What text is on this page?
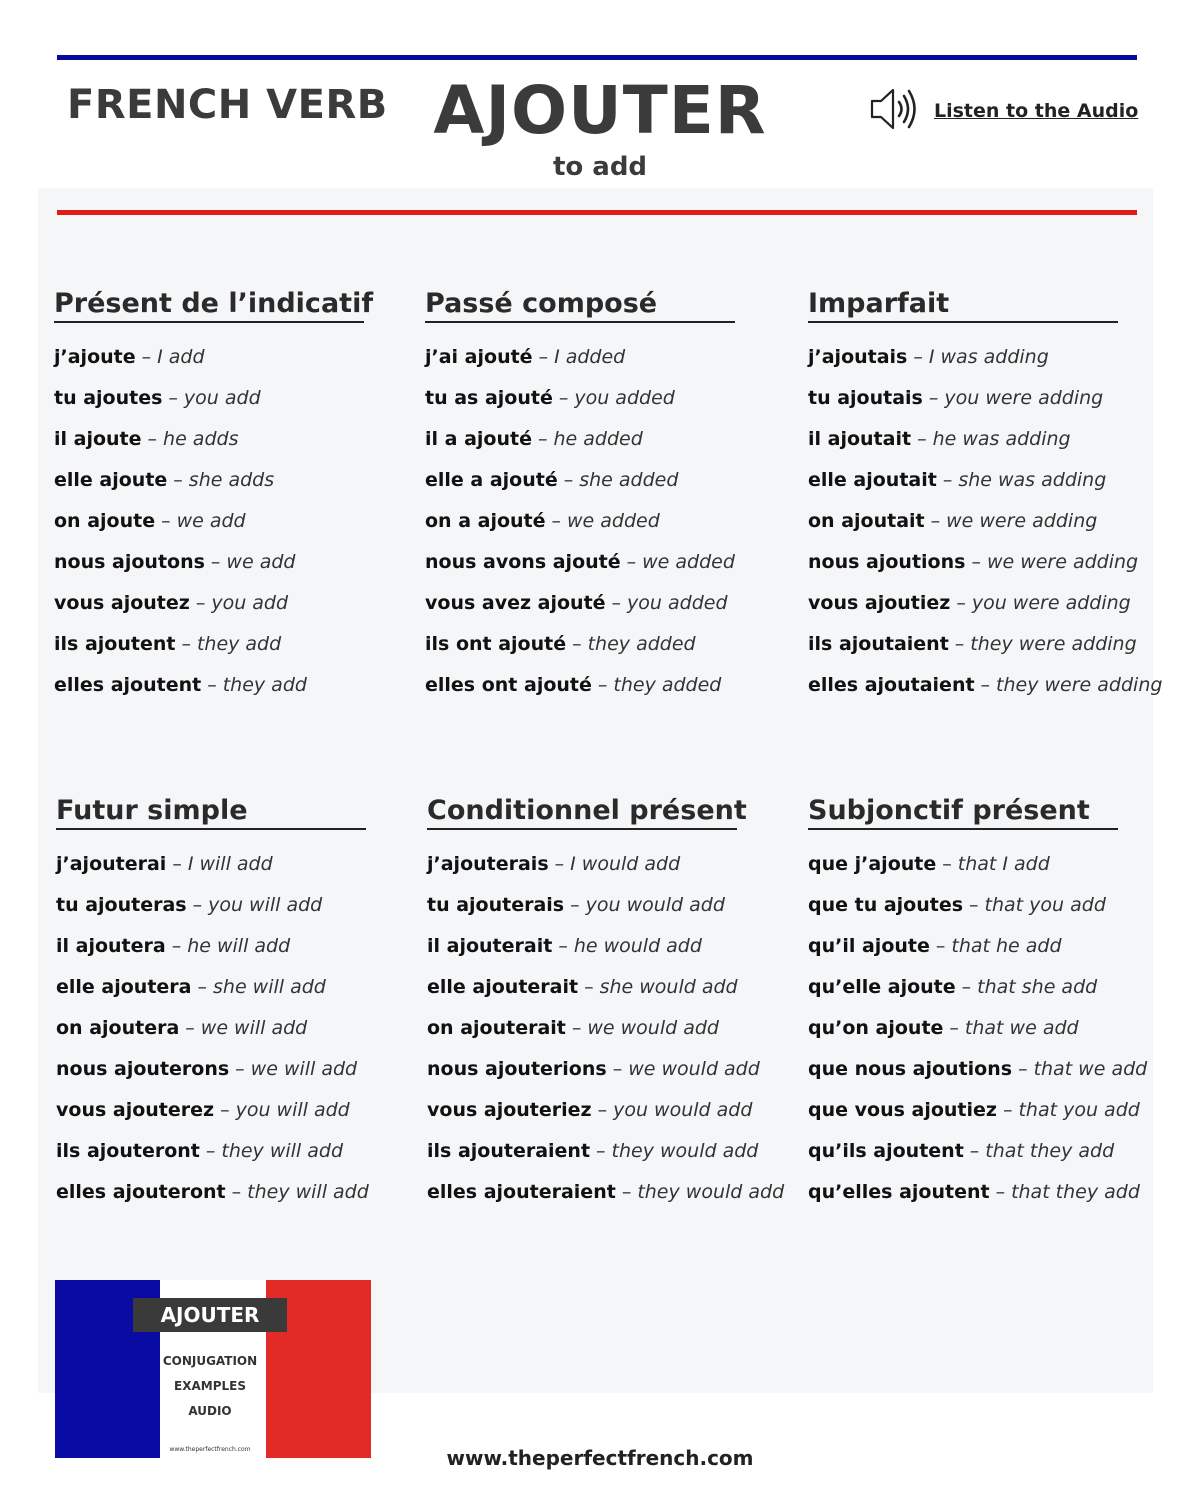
FRENCH VERB AJOUTER
to add
Listen to the Audio
Présent de l’indicatif
j’ajoute – I add
tu ajoutes – you add
il ajoute – he adds
elle ajoute – she adds
on ajoute – we add
nous ajoutons – we add
vous ajoutez – you add
ils ajoutent – they add
elles ajoutent – they add
Passé composé
j’ai ajouté – I added
tu as ajouté – you added
il a ajouté – he added
elle a ajouté – she added
on a ajouté – we added
nous avons ajouté – we added
vous avez ajouté – you added
ils ont ajouté – they added
elles ont ajouté – they added
Imparfait
j’ajoutais – I was adding
tu ajoutais – you were adding
il ajoutait – he was adding
elle ajoutait – she was adding
on ajoutait – we were adding
nous ajoutions – we were adding
vous ajoutiez – you were adding
ils ajoutaient – they were adding
elles ajoutaient – they were adding
Futur simple
j’ajouterai – I will add
tu ajouteras – you will add
il ajoutera – he will add
elle ajoutera – she will add
on ajoutera – we will add
nous ajouterons – we will add
vous ajouterez – you will add
ils ajouteront – they will add
elles ajouteront – they will add
Conditionnel présent
j’ajouterais – I would add
tu ajouterais – you would add
il ajouterait – he would add
elle ajouterait – she would add
on ajouterait – we would add
nous ajouterions – we would add
vous ajouteriez – you would add
ils ajouteraient – they would add
elles ajouteraient – they would add
Subjonctif présent
que j’ajoute – that I add
que tu ajoutes – that you add
qu’il ajoute – that he add
qu’elle ajoute – that she add
qu’on ajoute – that we add
que nous ajoutions – that we add
que vous ajoutiez – that you add
qu’ils ajoutent – that they add
qu’elles ajoutent – that they add
AJOUTER
CONJUGATION
EXAMPLES
AUDIO
www.theperfectfrench.com	www.theperfectfrench.com
